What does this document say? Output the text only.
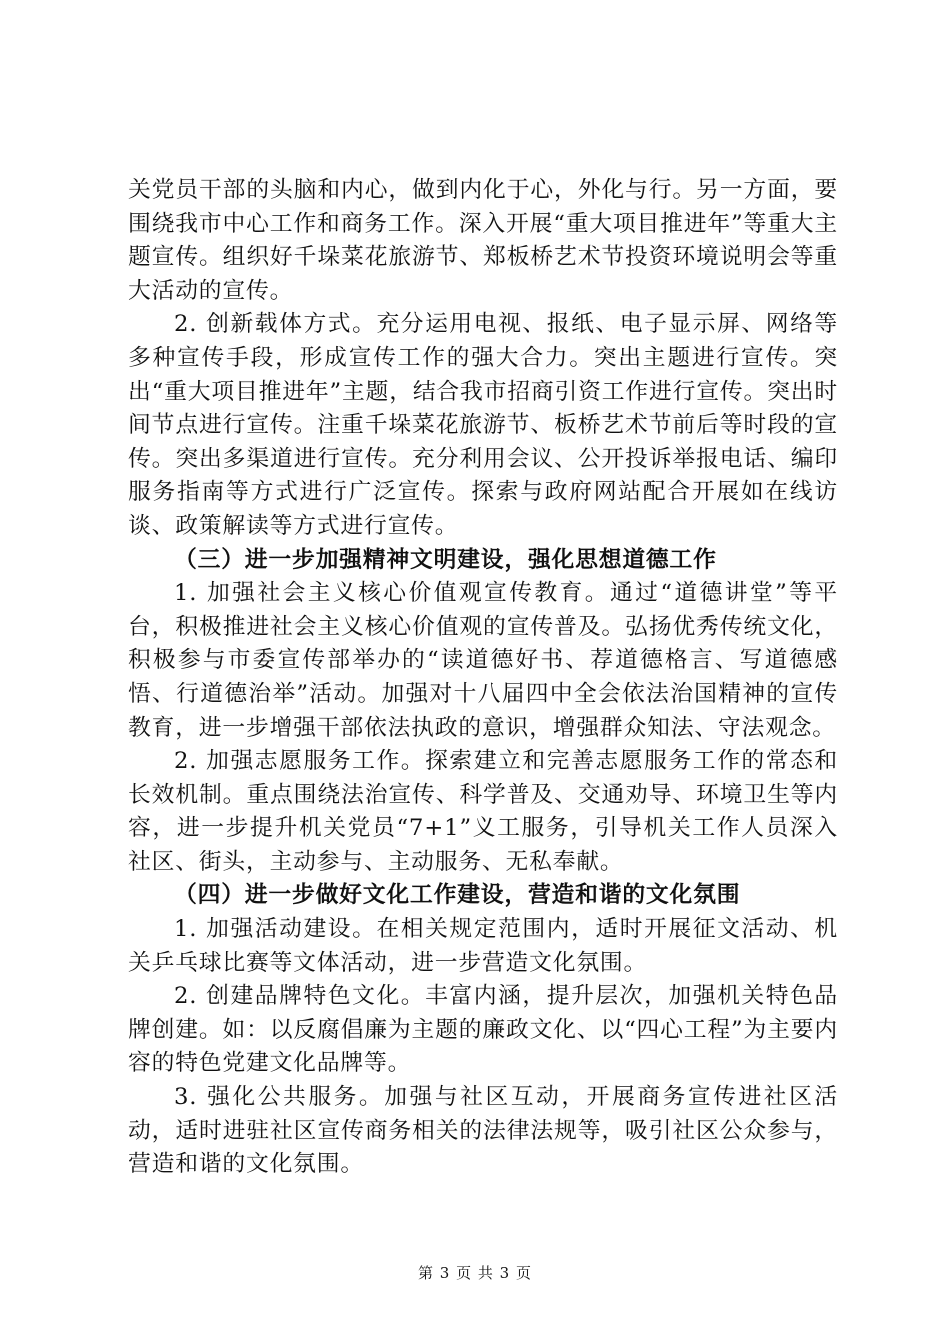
关党员干部的头脑和内心，做到内化于心，外化与行。另一方面，要围绕我市中心工作和商务工作。深入开展“重大项目推进年”等重大主题宣传。组织好千垛菜花旅游节、郑板桥艺术节投资环境说明会等重大活动的宣传。

2. 创新载体方式。充分运用电视、报纸、电子显示屏、网络等多种宣传手段，形成宣传工作的强大合力。突出主题进行宣传。突出“重大项目推进年”主题，结合我市招商引资工作进行宣传。突出时间节点进行宣传。注重千垛菜花旅游节、板桥艺术节前后等时段的宣传。突出多渠道进行宣传。充分利用会议、公开投诉举报电话、编印服务指南等方式进行广泛宣传。探索与政府网站配合开展如在线访谈、政策解读等方式进行宣传。

（三）进一步加强精神文明建设，强化思想道德工作

1. 加强社会主义核心价值观宣传教育。通过“道德讲堂”等平台，积极推进社会主义核心价值观的宣传普及。弘扬优秀传统文化，积极参与市委宣传部举办的“读道德好书、荐道德格言、写道德感悟、行道德治举”活动。加强对十八届四中全会依法治国精神的宣传教育，进一步增强干部依法执政的意识，增强群众知法、守法观念。

2. 加强志愿服务工作。探索建立和完善志愿服务工作的常态和长效机制。重点围绕法治宣传、科学普及、交通劝导、环境卫生等内容，进一步提升机关党员“7+1”义工服务，引导机关工作人员深入社区、街头，主动参与、主动服务、无私奉献。

（四）进一步做好文化工作建设，营造和谐的文化氛围

1. 加强活动建设。在相关规定范围内，适时开展征文活动、机关乒乓球比赛等文体活动，进一步营造文化氛围。

2. 创建品牌特色文化。丰富内涵，提升层次，加强机关特色品牌创建。如：以反腐倡廉为主题的廉政文化、以“四心工程”为主要内容的特色党建文化品牌等。

3. 强化公共服务。加强与社区互动，开展商务宣传进社区活动，适时进驻社区宣传商务相关的法律法规等，吸引社区公众参与，营造和谐的文化氛围。

第 3 页 共 3 页
